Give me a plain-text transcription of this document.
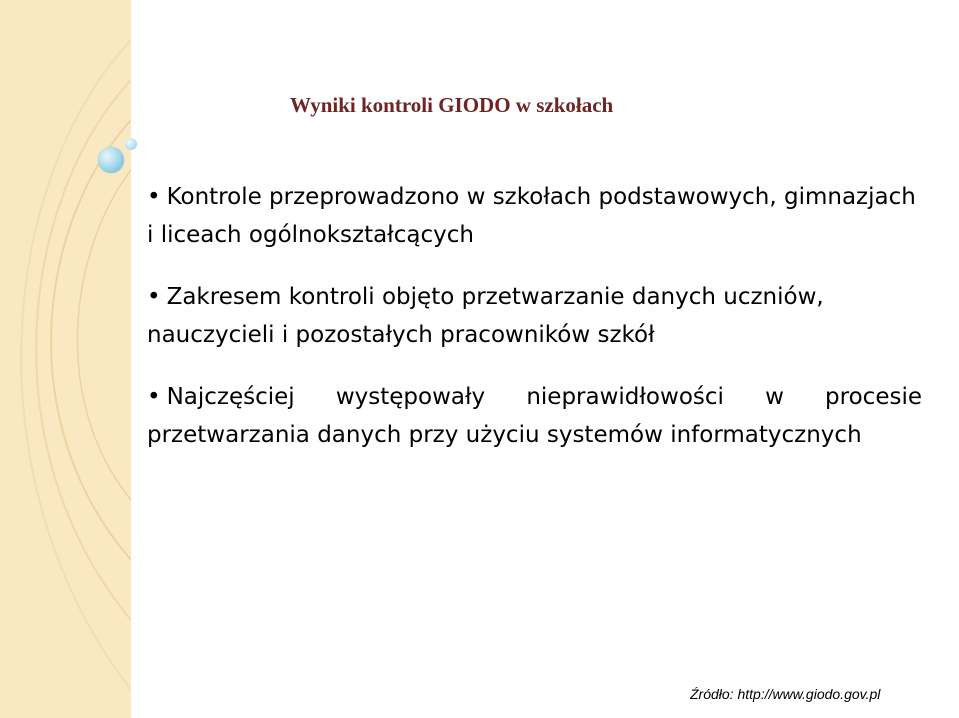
Wyniki kontroli GIODO w szkołach
• Kontrole przeprowadzono w szkołach podstawowych, gimnazjach i liceach ogólnokształcących
• Zakresem kontroli objęto przetwarzanie danych uczniów, nauczycieli i pozostałych pracowników szkół
• Najczęściej występowały nieprawidłowości w procesie przetwarzania danych przy użyciu systemów informatycznych
Źródło: http://www.giodo.gov.pl
